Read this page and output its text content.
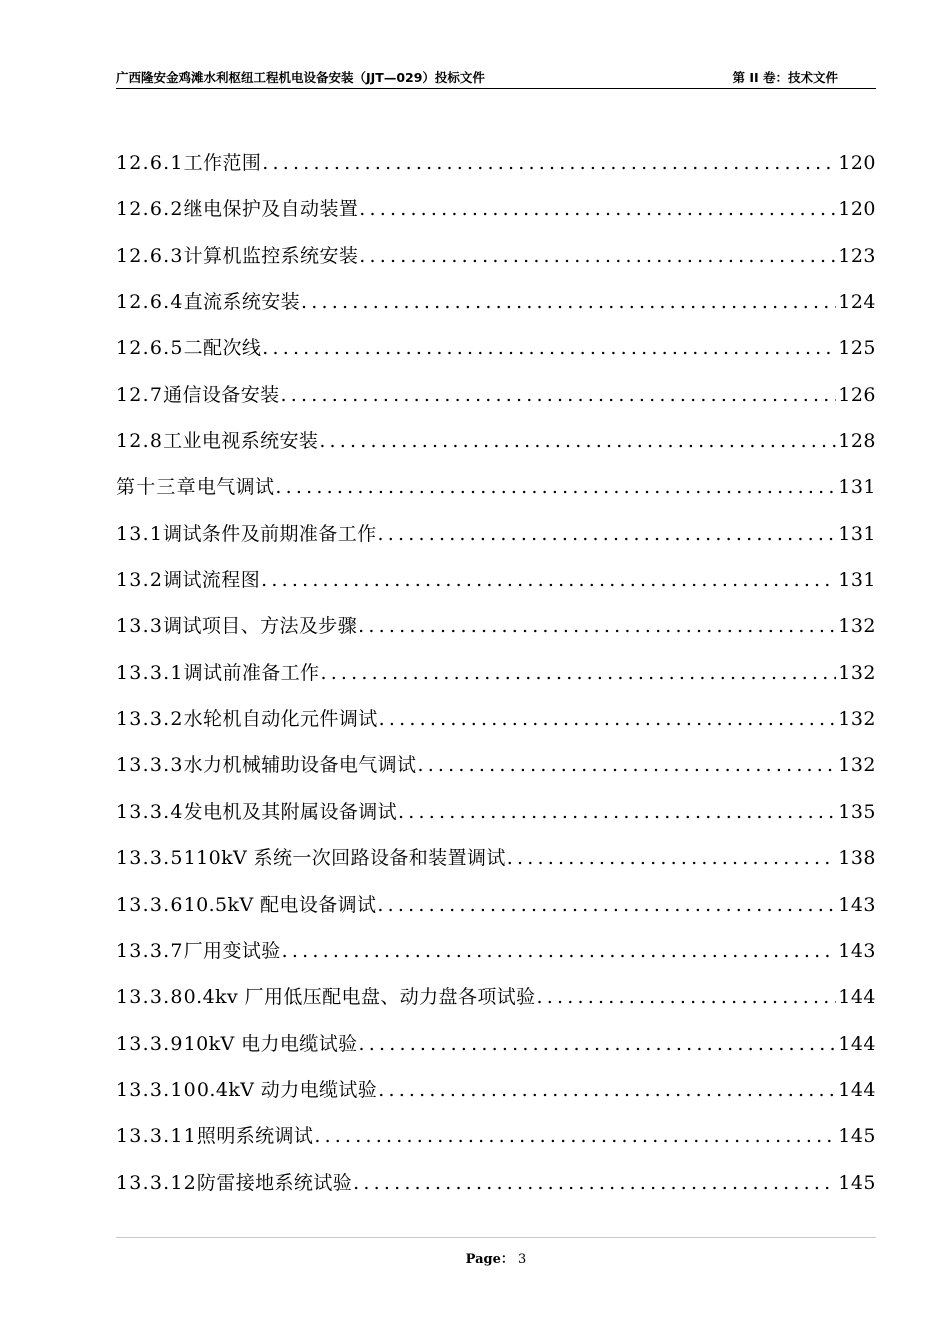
广西隆安金鸡滩水利枢纽工程机电设备安装（JJT—029）投标文件	第 II 卷：技术文件
12.6.1 工作范围 .....	120
12.6.2 继电保护及自动装置 .....	120
12.6.3 计算机监控系统安装 .....	123
12.6.4 直流系统安装 .....	124
12.6.5 二配次线 .....	125
12.7 通信设备安装 .....	126
12.8 工业电视系统安装 .....	128
第十三章 电气调试 .....	131
13.1 调试条件及前期准备工作 .....	131
13.2 调试流程图 .....	131
13.3 调试项目、方法及步骤 .....	132
13.3.1 调试前准备工作 .....	132
13.3.2 水轮机自动化元件调试 .....	132
13.3.3 水力机械辅助设备电气调试 .....	132
13.3.4 发电机及其附属设备调试 .....	135
13.3.5 110kV 系统一次回路设备和装置调试 .....	138
13.3.6 10.5kV 配电设备调试 .....	143
13.3.7 厂用变试验 .....	143
13.3.8 0.4kv 厂用低压配电盘、动力盘各项试验 .....	144
13.3.9 10kV 电力电缆试验 .....	144
13.3.10 0.4kV 动力电缆试验 .....	144
13.3.11 照明系统调试 .....	145
13.3.12 防雷接地系统试验 .....	145
Page： 3
